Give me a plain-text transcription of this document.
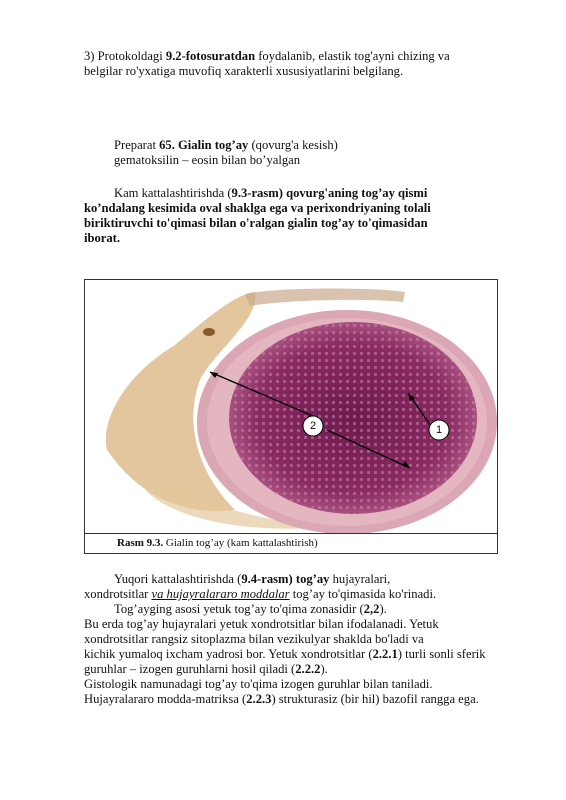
3) Protokoldagi 9.2-fotosuratdan foydalanib, elastik tog'ayni chizing va
belgilar ro'yxatiga muvofiq xarakterli xususiyatlarini belgilang.
Preparat 65. Gialin tog’ay (qovurg'a kesish)
gematoksilin – eosin bilan bo’yalgan
Kam kattalashtirishda (9.3-rasm) qovurg'aning tog’ay qismi
ko’ndalang kesimida oval shaklga ega va perixondriyaning tolali
biriktiruvchi to'qimasi bilan o'ralgan gialin tog’ay to'qimasidan
iborat.
2	1
Rasm 9.3. Gialin tog’ay (kam kattalashtirish)
Yuqori kattalashtirishda (9.4-rasm) tog’ay hujayralari,
xondrotsitlar va hujayralararo moddalar tog’ay to'qimasida ko'rinadi.
Tog’ayging asosi yetuk tog’ay to'qima zonasidir (2,2).
Bu erda tog’ay hujayralari yetuk xondrotsitlar bilan ifodalanadi. Yetuk
xondrotsitlar rangsiz sitoplazma bilan vezikulyar shaklda bo'ladi va
kichik yumaloq ixcham yadrosi bor. Yetuk xondrotsitlar (2.2.1) turli sonli sferik
guruhlar – izogen guruhlarni hosil qiladi (2.2.2).
Gistologik namunadagi tog’ay to'qima izogen guruhlar bilan taniladi.
Hujayralararo modda-matriksa (2.2.3) strukturasiz (bir hil) bazofil rangga ega.
